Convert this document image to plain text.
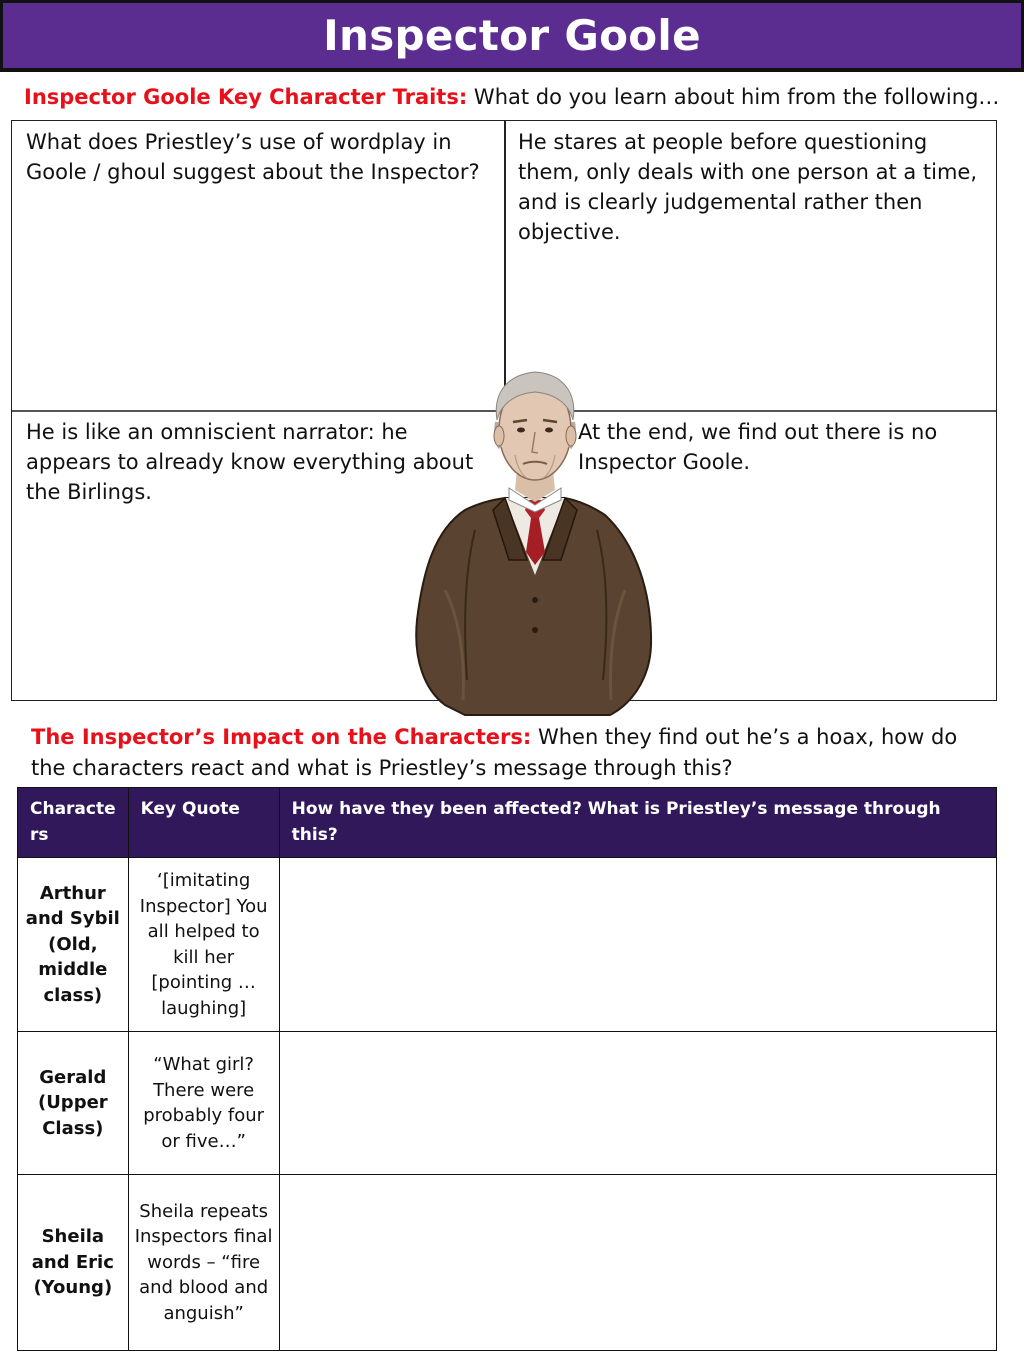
Inspector Goole
Inspector Goole Key Character Traits: What do you learn about him from the following…
What does Priestley’s use of wordplay in Goole / ghoul suggest about the Inspector?
He stares at people before questioning them, only deals with one person at a time, and is clearly judgemental rather then objective.
He is like an omniscient narrator: he appears to already know everything about the Birlings.
At the end, we find out there is no Inspector Goole.
The Inspector’s Impact on the Characters: When they find out he’s a hoax, how do the characters react and what is Priestley’s message through this?
Characte rs	Key Quote	How have they been affected? What is Priestley’s message through this?
Arthur and Sybil (Old, middle class)	‘[imitating Inspector] You all helped to kill her [pointing … laughing]	
Gerald (Upper Class)	“What girl? There were probably four or five…”	
Sheila and Eric (Young)	Sheila repeats Inspectors final words – “fire and blood and anguish”	
